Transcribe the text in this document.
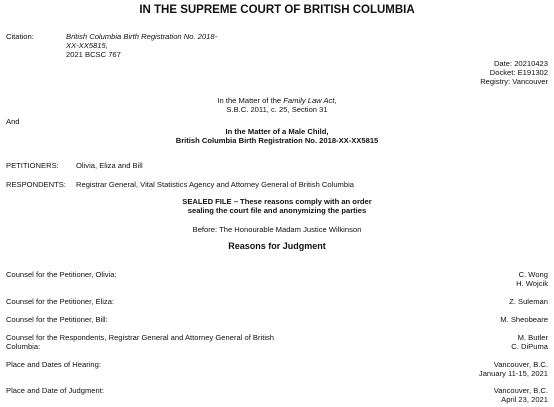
IN THE SUPREME COURT OF BRITISH COLUMBIA
Citation:	British Columbia Birth Registration No. 2018-
XX-XX5815,
2021 BCSC 767
Date: 20210423
Docket: E191302
Registry: Vancouver
In the Matter of the Family Law Act,
S.B.C. 2011, c. 25, Section 31
And
In the Matter of a Male Child,
British Columbia Birth Registration No. 2018-XX-XX5815
PETITIONERS: Olivia, Eliza and Bill
RESPONDENTS: Registrar General, Vital Statistics Agency and Attorney General of British Columbia
SEALED FILE – These reasons comply with an order
sealing the court file and anonymizing the parties
Before: The Honourable Madam Justice Wilkinson
Reasons for Judgment
Counsel for the Petitioner, Olivia:	C. Wong
H. Wojcik
Counsel for the Petitioner, Eliza:	Z. Suleman
Counsel for the Petitioner, Bill:	M. Sheobeare
Counsel for the Respondents, Registrar General and Attorney General of British
Columbia:
M. Butler
C. DiPuma
Place and Dates of Hearing:	Vancouver, B.C.
January 11-15, 2021
Place and Date of Judgment:	Vancouver, B.C.
April 23, 2021
